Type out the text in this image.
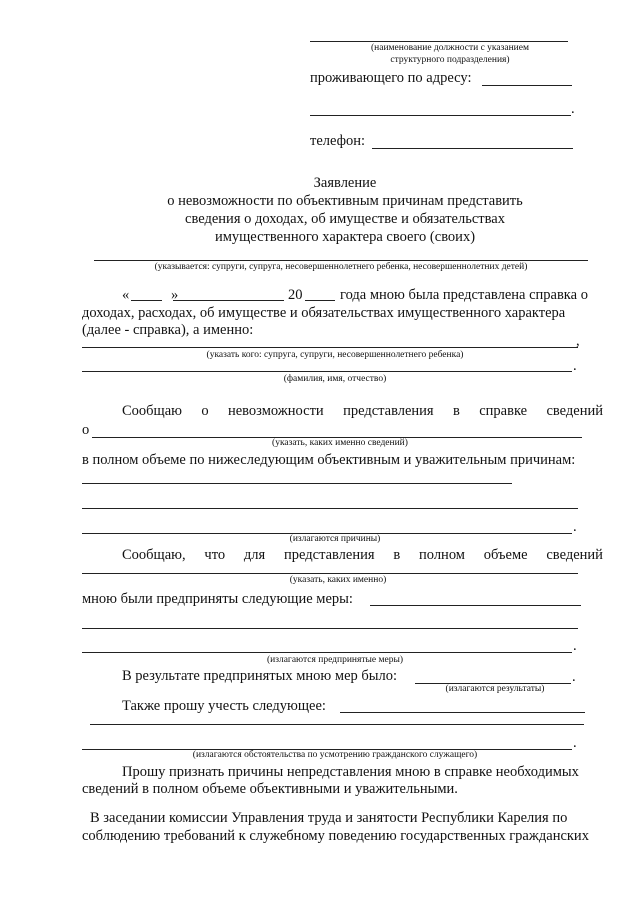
(наименование должности с указанием
структурного подразделения)
проживающего по адресу:
.
телефон:
Заявление
о невозможности по объективным причинам представить
сведения о доходах, об имуществе и обязательствах
имущественного характера своего (своих)
(указывается: супруги, супруга, несовершеннолетнего ребенка, несовершеннолетних детей)
«	»	20	года мною была представлена справка о
доходах, расходах, об имуществе и обязательствах имущественного характера
(далее - справка), а именно:
,
(указать кого: супруга, супруги, несовершеннолетнего ребенка)
.
(фамилия, имя, отчество)
Сообщаю о невозможности представления в справке сведений
о
(указать, каких именно сведений)
в полном объеме по нижеследующим объективным и уважительным причинам:
.
(излагаются причины)
Сообщаю, что для представления в полном объеме сведений
(указать, каких именно)
мною были предприняты следующие меры:
.
(излагаются предпринятые меры)
В результате предпринятых мною мер было:	.
(излагаются результаты)
Также прошу учесть следующее:
.
(излагаются обстоятельства по усмотрению гражданского служащего)
Прошу признать причины непредставления мною в справке необходимых
сведений в полном объеме объективными и уважительными.
В заседании комиссии Управления труда и занятости Республики Карелия по
соблюдению требований к служебному поведению государственных гражданских
